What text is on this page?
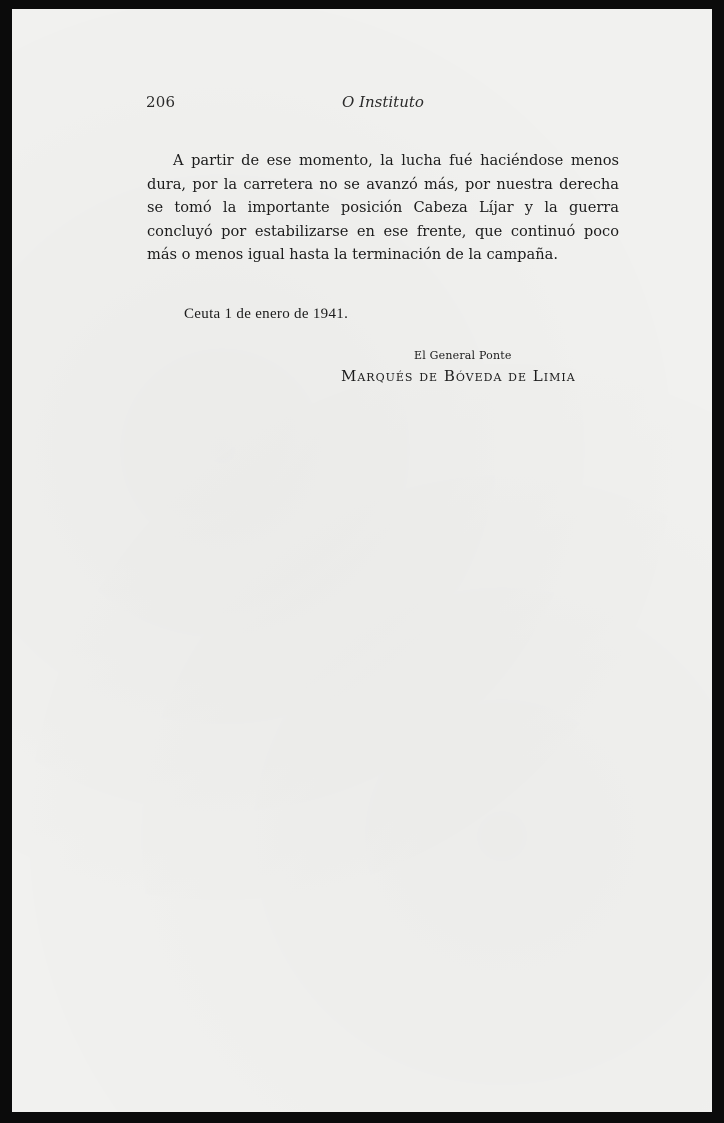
206	O Instituto

A partir de ese momento, la lucha fué haciéndose menos dura, por la carretera no se avanzó más, por nuestra derecha se tomó la importante posición Cabeza Líjar y la guerra concluyó por estabilizarse en ese frente, que continuó poco más o menos igual hasta la terminación de la campaña.

Ceuta 1 de enero de 1941.
El General Ponte
Marqués de Bóveda de Limia
